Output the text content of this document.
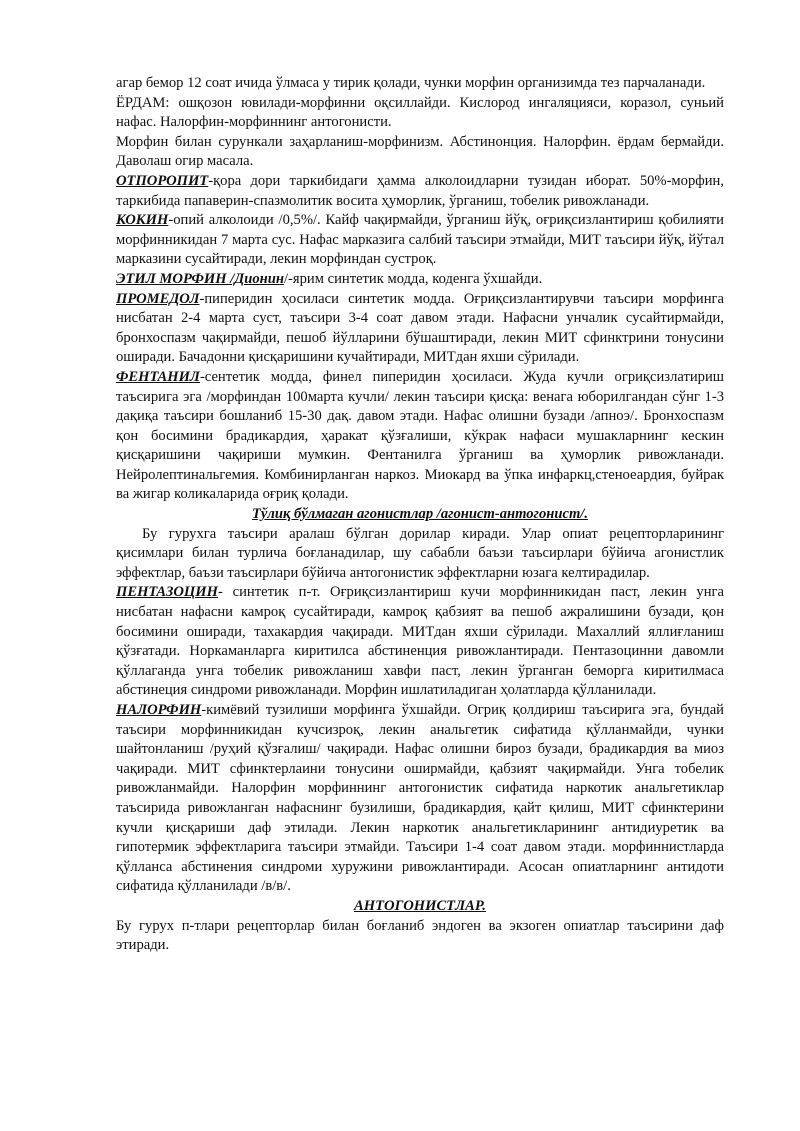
агар бемор 12 соат ичида ўлмаса у тирик қолади, чунки морфин организимда тез парчаланади.

ЁРДАМ: ошқозон ювилади-морфинни оқсиллайди. Кислород ингаляцияси, коразол, суньий нафас. Налорфин-морфиннинг антогонисти.

Морфин билан сурункали заҳарланиш-морфинизм. Абстинонция. Налорфин. ёрдам бермайди. Даволаш огир масала.

ОТПОРОПИТ-қора дори таркибидаги ҳамма алколоидларни тузидан иборат. 50%-морфин, таркибида папаверин-спазмолитик восита ҳуморлик, ўрганиш, тобелик ривожланади.

КОКИН-опий алколоиди /0,5%/. Кайф чақирмайди, ўрганиш йўқ, оғриқсизлантириш қобилияти морфинникидан 7 марта сус. Нафас марказига салбий таъсири этмайди, МИТ таъсири йўқ, йўтал марказини сусайтиради, лекин морфиндан сустроқ.

ЭТИЛ МОРФИН /Дионин/-ярим синтетик модда, коденга ўхшайди.

ПРОМЕДОЛ-пиперидин ҳосиласи синтетик модда. Оғриқсизлантирувчи таъсири морфинга нисбатан 2-4 марта суст, таъсири 3-4 соат давом этади. Нафасни унчалик сусайтирмайди, бронхоспазм чақирмайди, пешоб йўлларини бўшаштиради, лекин МИТ сфинктрини тонусини оширади. Бачадонни қисқаришини кучайтиради, МИТдан яхши сўрилади.

ФЕНТАНИЛ-сентетик модда, финел пиперидин ҳосиласи. Жуда кучли огриқсизлатириш таъсирига эга /морфиндан 100марта кучли/ лекин таъсири қисқа: венага юборилгандан сўнг 1-3 дақиқа таъсири бошланиб 15-30 дақ. давом этади. Нафас олишни бузади /апноэ/. Бронхоспазм қон босимини брадикардия, ҳаракат қўзғалиши, кўкрак нафаси мушакларнинг кескин қисқаришини чақириши мумкин. Фентанилга ўрганиш ва ҳуморлик ривожланади. Нейролептинальгемия. Комбинирланган наркоз. Миокард ва ўпка инфаркц,стеноеардия, буйрак ва жигар коликаларида оғриқ қолади.

Тўлиқ бўлмаган агонистлар /агонист-антогонист/.

Бу гурухга таъсири аралаш бўлган дорилар киради. Улар опиат рецепторларининг қисимлари билан турлича боғланадилар, шу сабабли баъзи таъсирлари бўйича агонистлик эффектлар, баъзи таъсирлари бўйича антогонистик эффектларни юзага келтирадилар.

ПЕНТАЗОЦИН- синтетик п-т. Оғриқсизлантириш кучи морфинникидан паст, лекин унга нисбатан нафасни камроқ сусайтиради, камроқ қабзият ва пешоб ажралишини бузади, қон босимини оширади, тахакардия чақиради. МИТдан яхши сўрилади. Махаллий яллиғланиш қўзғатади. Норкаманларга киритилса абстиненция ривожлантиради. Пентазоцинни давомли қўллаганда унга тобелик ривожланиш хавфи паст, лекин ўрганган беморга киритилмаса абстинеция синдроми ривожланади. Морфин ишлатиладиган ҳолатларда қўлланилади.

НАЛОРФИН-кимёвий тузилиши морфинга ўхшайди. Огриқ қолдириш таъсирига эга, бундай таъсири морфинникидан кучсизроқ, лекин анальгетик сифатида қўлланмайди, чунки шайтонланиш /руҳий қўзғалиш/ чақиради. Нафас олишни бироз бузади, брадикардия ва миоз чақиради. МИТ сфинктерлаини тонусини оширмайди, қабзият чақирмайди. Унга тобелик ривожланмайди. Налорфин морфиннинг антогонистик сифатида наркотик анальгетиклар таъсирида ривожланган нафаснинг бузилиши, брадикардия, қайт қилиш, МИТ сфинктерини кучли қисқариши даф этилади. Лекин наркотик анальгетикларининг антидиуретик ва гипотермик эффектларига таъсири этмайди. Таъсири 1-4 соат давом этади. морфиннистларда қўлланса абстинения синдроми хуружини ривожлантиради. Асосан опиатларнинг антидоти сифатида қўлланилади /в/в/.

АНТОГОНИСТЛАР.

Бу гурух п-тлари рецепторлар билан боғланиб эндоген ва экзоген опиатлар таъсирини даф этиради.
